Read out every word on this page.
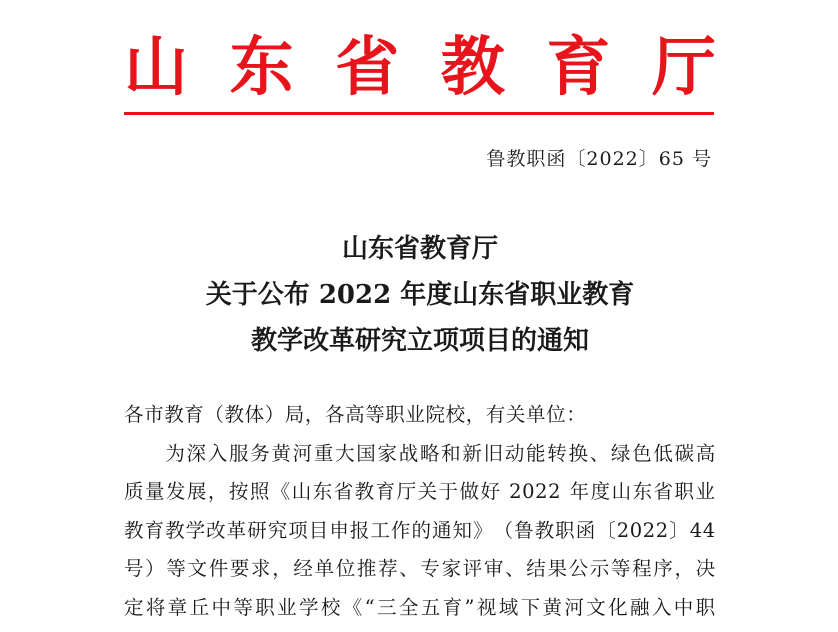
山 东 省 教 育 厅
鲁教职函〔2022〕65 号
山东省教育厅
关于公布 2022 年度山东省职业教育
教学改革研究立项项目的通知
各市教育（教体）局，各高等职业院校，有关单位：

为 深 入 服 务 黄 河 重 大 国 家 战 略 和 新 旧 动 能 转 换 、 绿 色 低 碳 高
质 量 发 展 ， 按 照 《 山 东 省 教 育 厅 关 于 做 好
2022
年 度 山 东 省 职 业
教 育 教 学 改 革 研 究 项 目 申 报 工 作 的 通 知 》 （ 鲁 教 职 函 〔 2022 〕 44
号 ） 等 文 件 要 求 ， 经 单 位 推 荐 、 专 家 评 审 、 结 果 公 示 等 程 序 ， 决
定 将 章 丘 中 等 职 业 学 校 《 “ 三 全 五 育 ” 视 域 下 黄 河 文 化 融 入 中 职
